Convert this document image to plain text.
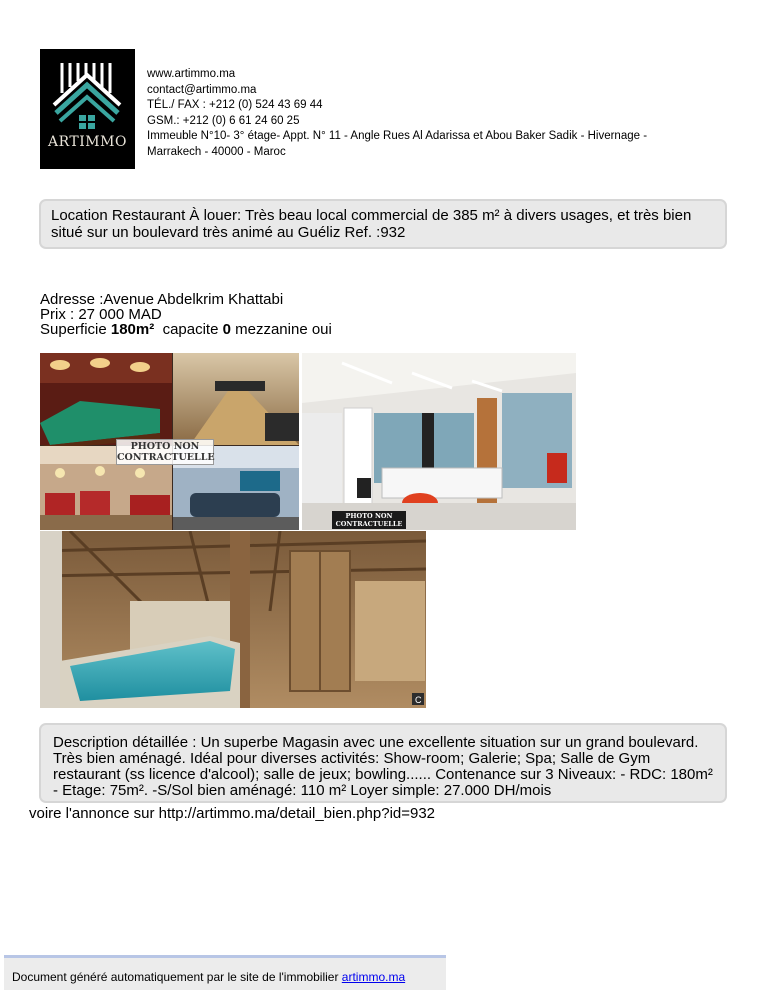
ARTIMMO
www.artimmo.ma
contact@artimmo.ma
TÉL./ FAX : +212 (0) 524 43 69 44
GSM.: +212 (0) 6 61 24 60 25
Immeuble N°10- 3° étage- Appt. N° 11 - Angle Rues Al Adarissa et Abou Baker Sadik - Hivernage -
Marrakech - 40000 - Maroc
Location Restaurant À louer: Très beau local commercial de 385 m² à divers usages, et très bien situé sur un boulevard très animé au Guéliz Ref. :932
Adresse :Avenue Abdelkrim Khattabi
Prix : 27 000 MAD
Superficie 180m²  capacite 0 mezzanine oui
PHOTO NON
CONTRACTUELLE
PHOTO NON
CONTRACTUELLE
C
Description détaillée : Un superbe Magasin avec une excellente situation sur un grand boulevard. Très bien aménagé. Idéal pour diverses activités: Show-room; Galerie; Spa; Salle de Gym restaurant (ss licence d'alcool); salle de jeux; bowling...... Contenance sur 3 Niveaux: - RDC: 180m² - Etage: 75m². -S/Sol bien aménagé: 110 m² Loyer simple: 27.000 DH/mois
voire l'annonce sur http://artimmo.ma/detail_bien.php?id=932
Document généré automatiquement par le site de l'immobilier artimmo.ma
